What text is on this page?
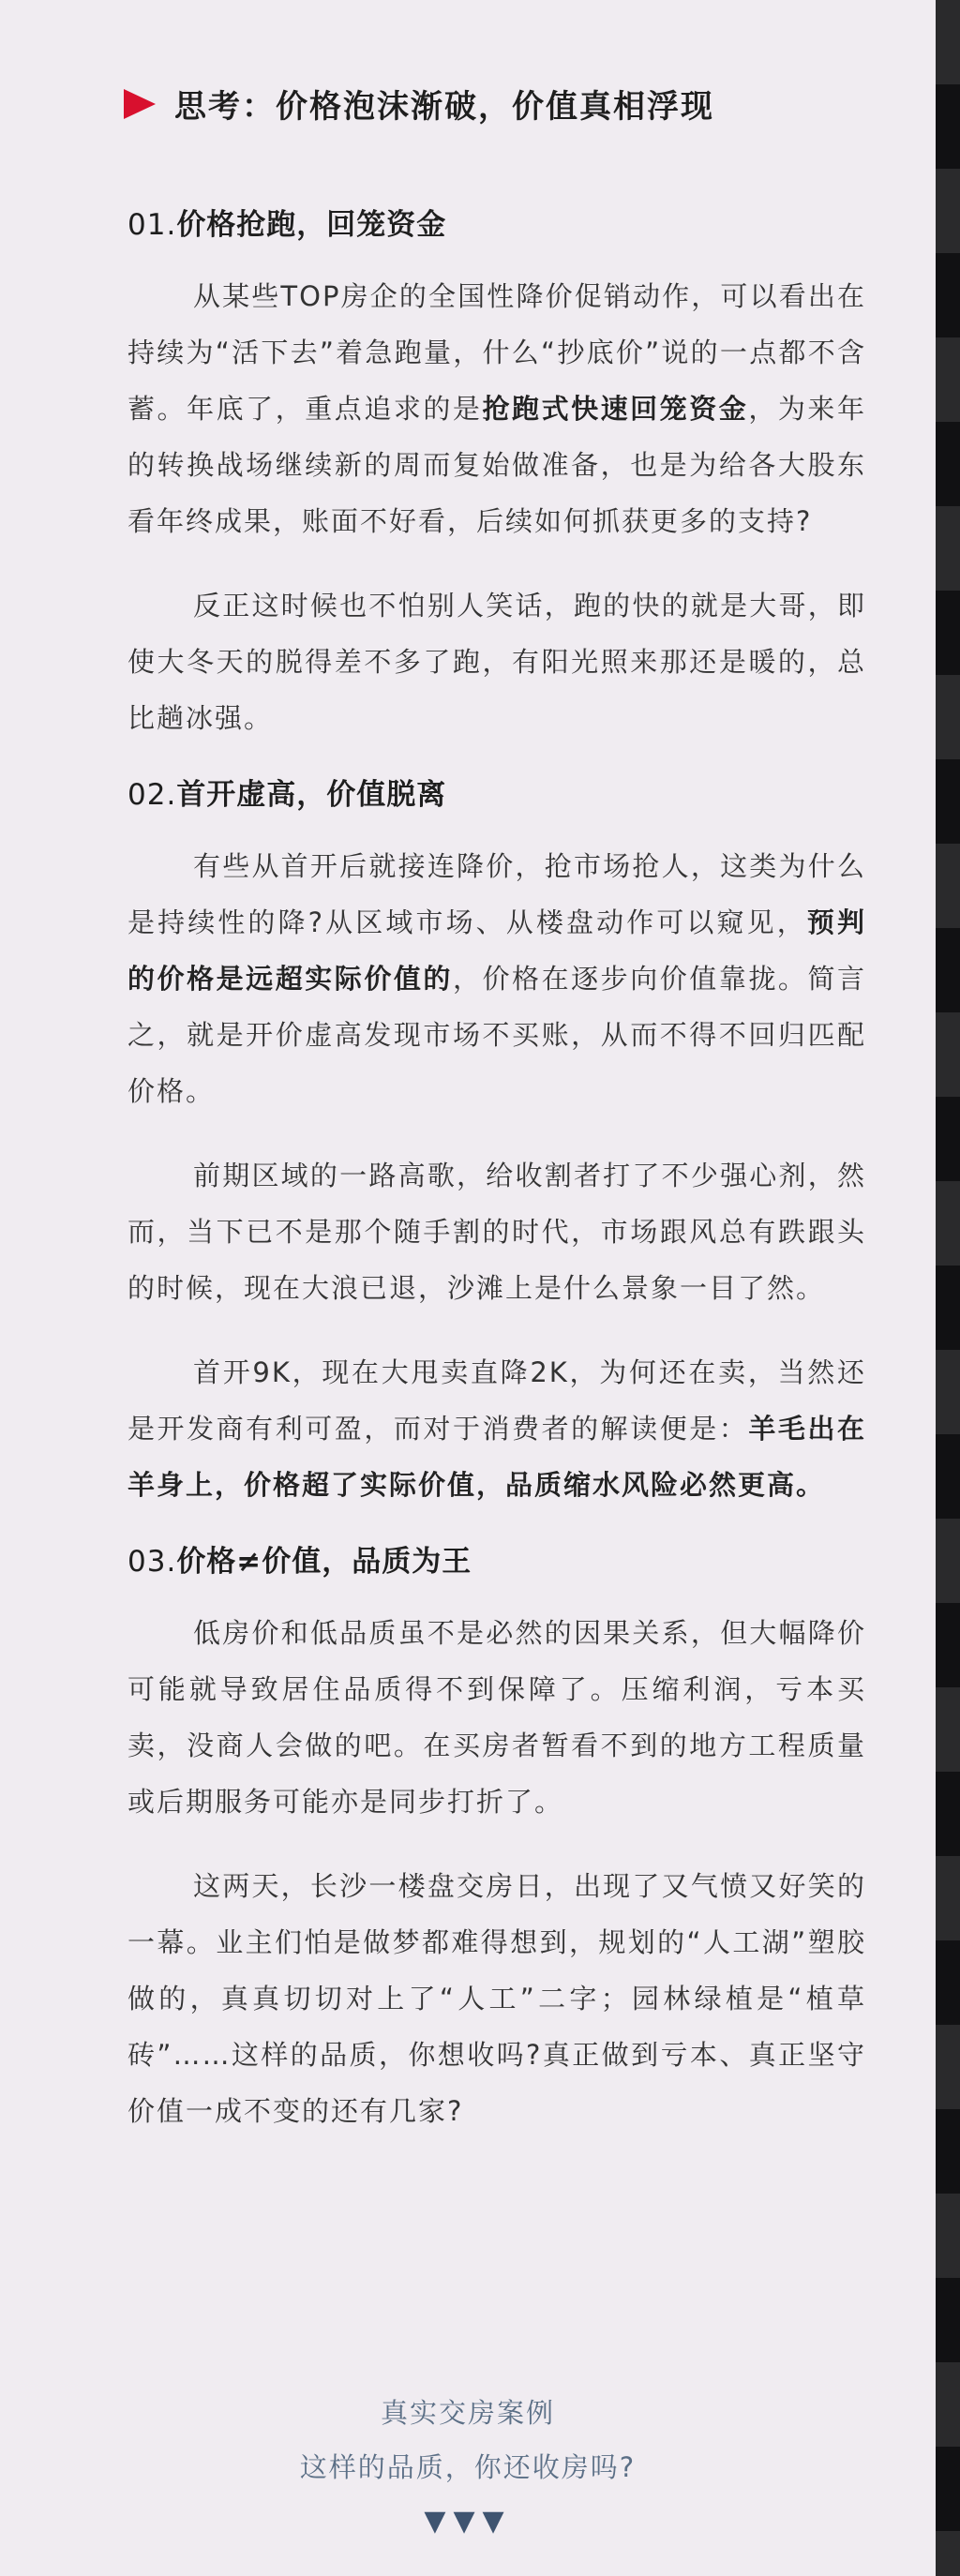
思考：价格泡沫渐破，价值真相浮现
01.价格抢跑，回笼资金

从某些TOP房企的全国性降价促销动作，可以看出在持续为“活下去”着急跑量，什么“抄底价”说的一点都不含蓄。年底了，重点追求的是抢跑式快速回笼资金，为来年的转换战场继续新的周而复始做准备，也是为给各大股东看年终成果，账面不好看，后续如何抓获更多的支持?

反正这时候也不怕别人笑话，跑的快的就是大哥，即使大冬天的脱得差不多了跑，有阳光照来那还是暖的，总比趟冰强。

02.首开虚高，价值脱离

有些从首开后就接连降价，抢市场抢人，这类为什么是持续性的降?从区域市场、从楼盘动作可以窥见，预判的价格是远超实际价值的，价格在逐步向价值靠拢。简言之，就是开价虚高发现市场不买账，从而不得不回归匹配价格。

前期区域的一路高歌，给收割者打了不少强心剂，然而，当下已不是那个随手割的时代，市场跟风总有跌跟头的时候，现在大浪已退，沙滩上是什么景象一目了然。

首开9K，现在大甩卖直降2K，为何还在卖，当然还是开发商有利可盈，而对于消费者的解读便是：羊毛出在羊身上，价格超了实际价值，品质缩水风险必然更高。

03.价格≠价值，品质为王

低房价和低品质虽不是必然的因果关系，但大幅降价可能就导致居住品质得不到保障了。压缩利润，亏本买卖，没商人会做的吧。在买房者暂看不到的地方工程质量或后期服务可能亦是同步打折了。

这两天，长沙一楼盘交房日，出现了又气愤又好笑的一幕。业主们怕是做梦都难得想到，规划的“人工湖”塑胶做的，真真切切对上了“人工”二字；园林绿植是“植草砖”……这样的品质，你想收吗?真正做到亏本、真正坚守价值一成不变的还有几家?

真实交房案例
这样的品质，你还收房吗?
▼▼▼
